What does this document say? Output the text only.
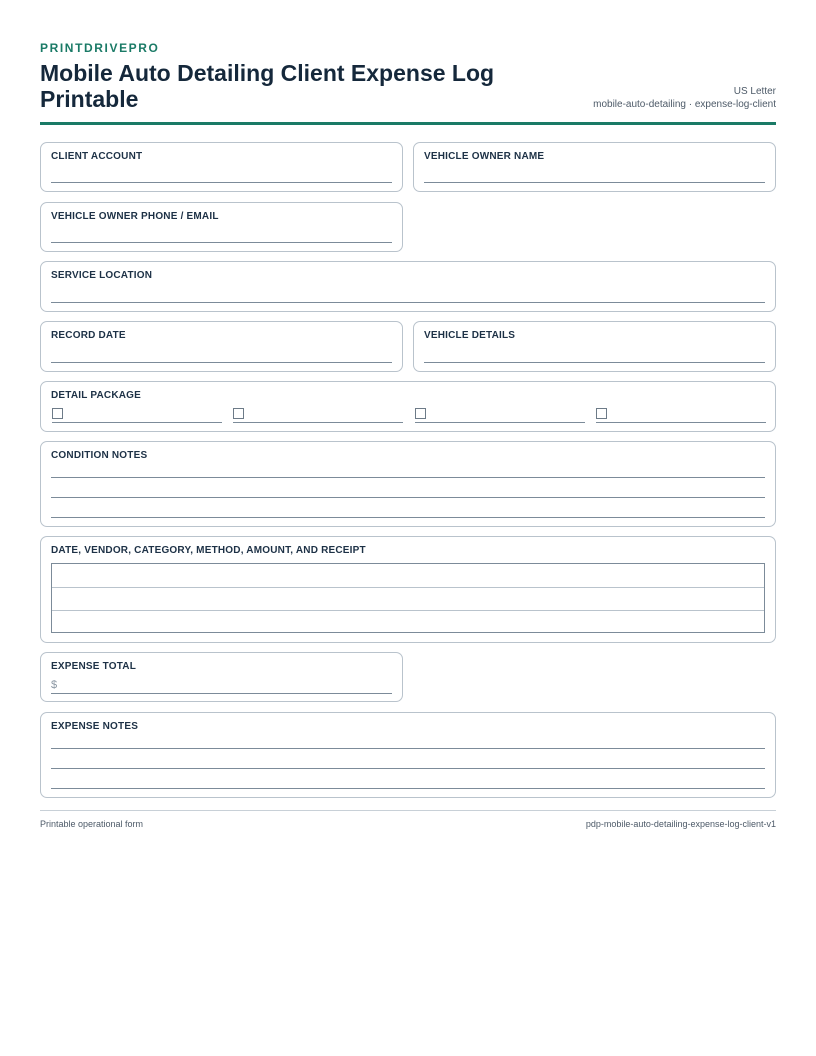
PRINTDRIVEPRO
Mobile Auto Detailing Client Expense Log Printable	US Letter
mobile-auto-detailing · expense-log-client
CLIENT ACCOUNT	VEHICLE OWNER NAME
VEHICLE OWNER PHONE / EMAIL
SERVICE LOCATION
RECORD DATE	VEHICLE DETAILS
DETAIL PACKAGE
CONDITION NOTES
DATE, VENDOR, CATEGORY, METHOD, AMOUNT, AND RECEIPT
EXPENSE TOTAL
$
EXPENSE NOTES
Printable operational form	pdp-mobile-auto-detailing-expense-log-client-v1
